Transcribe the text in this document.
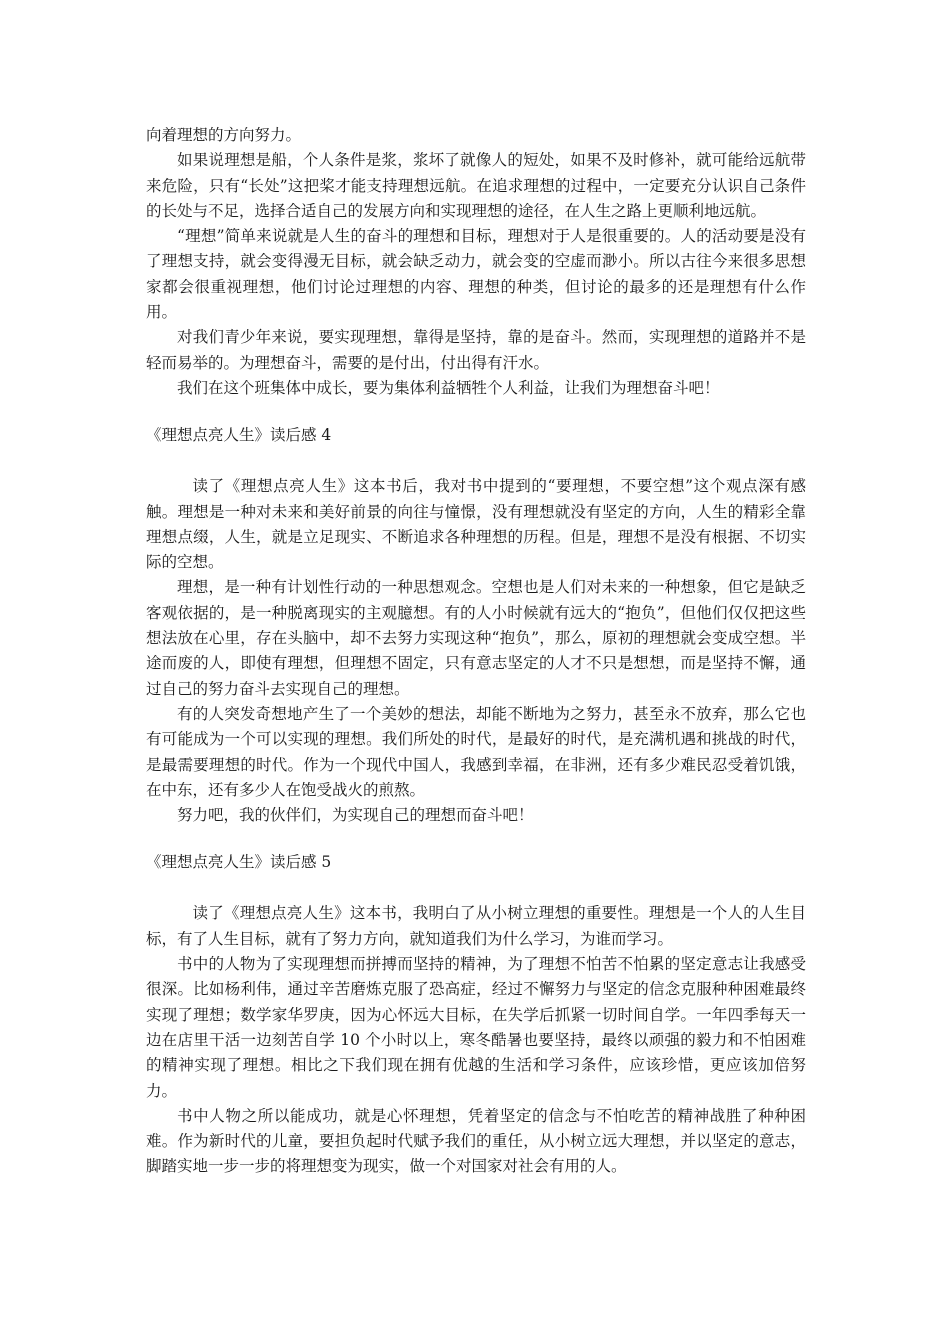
向着理想的方向努力。

如果说理想是船，个人条件是浆，浆坏了就像人的短处，如果不及时修补，就可能给远航带来危险，只有“长处”这把桨才能支持理想远航。在追求理想的过程中，一定要充分认识自己条件的长处与不足，选择合适自己的发展方向和实现理想的途径，在人生之路上更顺利地远航。

“理想”简单来说就是人生的奋斗的理想和目标，理想对于人是很重要的。人的活动要是没有了理想支持，就会变得漫无目标，就会缺乏动力，就会变的空虚而渺小。所以古往今来很多思想家都会很重视理想，他们讨论过理想的内容、理想的种类，但讨论的最多的还是理想有什么作用。

对我们青少年来说，要实现理想，靠得是坚持，靠的是奋斗。然而，实现理想的道路并不是轻而易举的。为理想奋斗，需要的是付出，付出得有汗水。

我们在这个班集体中成长，要为集体利益牺牲个人利益，让我们为理想奋斗吧！

《理想点亮人生》读后感 4

读了《理想点亮人生》这本书后，我对书中提到的“要理想，不要空想”这个观点深有感触。理想是一种对未来和美好前景的向往与憧憬，没有理想就没有坚定的方向，人生的精彩全靠理想点缀，人生，就是立足现实、不断追求各种理想的历程。但是，理想不是没有根据、不切实际的空想。

理想，是一种有计划性行动的一种思想观念。空想也是人们对未来的一种想象，但它是缺乏客观依据的，是一种脱离现实的主观臆想。有的人小时候就有远大的“抱负”，但他们仅仅把这些想法放在心里，存在头脑中，却不去努力实现这种“抱负”，那么，原初的理想就会变成空想。半途而废的人，即使有理想，但理想不固定，只有意志坚定的人才不只是想想，而是坚持不懈，通过自己的努力奋斗去实现自己的理想。

有的人突发奇想地产生了一个美妙的想法，却能不断地为之努力，甚至永不放弃，那么它也有可能成为一个可以实现的理想。我们所处的时代，是最好的时代，是充满机遇和挑战的时代，是最需要理想的时代。作为一个现代中国人，我感到幸福，在非洲，还有多少难民忍受着饥饿，在中东，还有多少人在饱受战火的煎熬。

努力吧，我的伙伴们，为实现自己的理想而奋斗吧！

《理想点亮人生》读后感 5

读了《理想点亮人生》这本书，我明白了从小树立理想的重要性。理想是一个人的人生目标，有了人生目标，就有了努力方向，就知道我们为什么学习，为谁而学习。

书中的人物为了实现理想而拼搏而坚持的精神，为了理想不怕苦不怕累的坚定意志让我感受很深。比如杨利伟，通过辛苦磨炼克服了恐高症，经过不懈努力与坚定的信念克服种种困难最终实现了理想；数学家华罗庚，因为心怀远大目标，在失学后抓紧一切时间自学。一年四季每天一边在店里干活一边刻苦自学 10 个小时以上，寒冬酷暑也要坚持，最终以顽强的毅力和不怕困难的精神实现了理想。相比之下我们现在拥有优越的生活和学习条件，应该珍惜，更应该加倍努力。

书中人物之所以能成功，就是心怀理想，凭着坚定的信念与不怕吃苦的精神战胜了种种困难。作为新时代的儿童，要担负起时代赋予我们的重任，从小树立远大理想，并以坚定的意志，脚踏实地一步一步的将理想变为现实，做一个对国家对社会有用的人。
